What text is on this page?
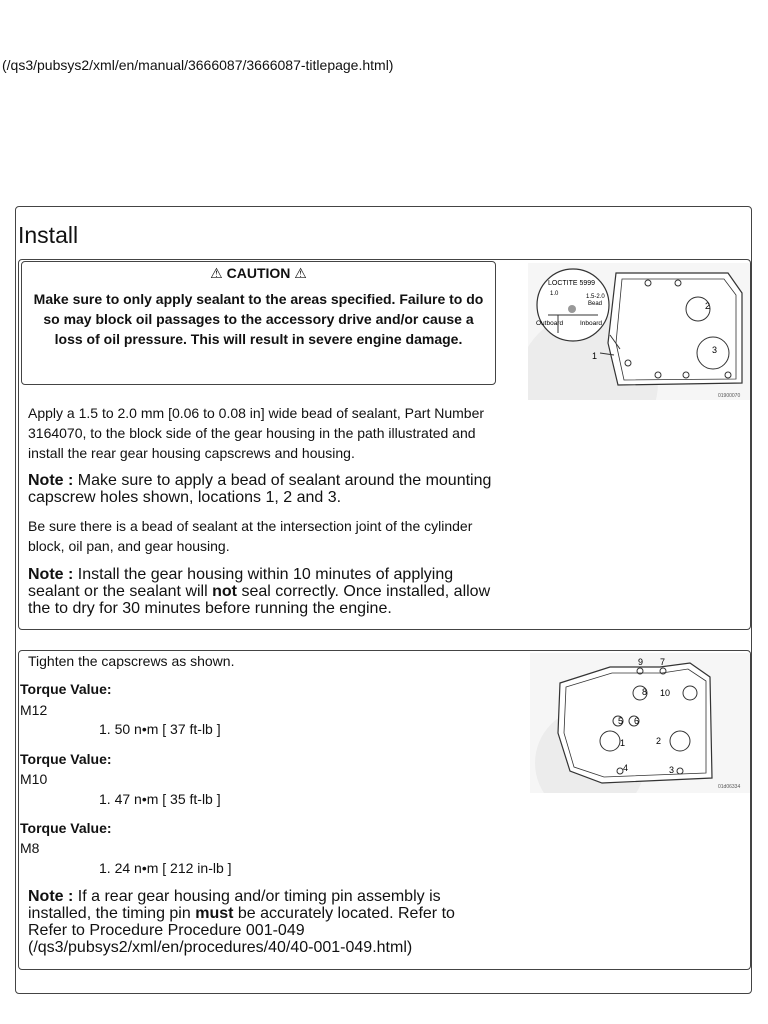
(/qs3/pubsys2/xml/en/manual/3666087/3666087-titlepage.html)
Install
⚠ CAUTION ⚠
Make sure to only apply sealant to the areas specified. Failure to do so may block oil passages to the accessory drive and/or cause a loss of oil pressure. This will result in severe engine damage.
Apply a 1.5 to 2.0 mm [0.06 to 0.08 in] wide bead of sealant, Part Number 3164070, to the block side of the gear housing in the path illustrated and install the rear gear housing capscrews and housing.
Note : Make sure to apply a bead of sealant around the mounting capscrew holes shown, locations 1, 2 and 3.
Be sure there is a bead of sealant at the intersection joint of the cylinder block, oil pan, and gear housing.
Note : Install the gear housing within 10 minutes of applying sealant or the sealant will not seal correctly. Once installed, allow the to dry for 30 minutes before running the engine.
LOCTITE 5999
1.0	1.5-2.0
Bead
Outboard	Inboard
1
2
3
01900070
Tighten the capscrews as shown.
Torque Value:
M12
1. 50 n•m [ 37 ft-lb ]
Torque Value:
M10
1. 47 n•m [ 35 ft-lb ]
Torque Value:
M8
1. 24 n•m [ 212 in-lb ]
Note : If a rear gear housing and/or timing pin assembly is installed, the timing pin must be accurately located. Refer to Refer to Procedure Procedure 001-049 (/qs3/pubsys2/xml/en/procedures/40/40-001-049.html)
9 7
8 10
5 6
1	2
4	3
01d06334
